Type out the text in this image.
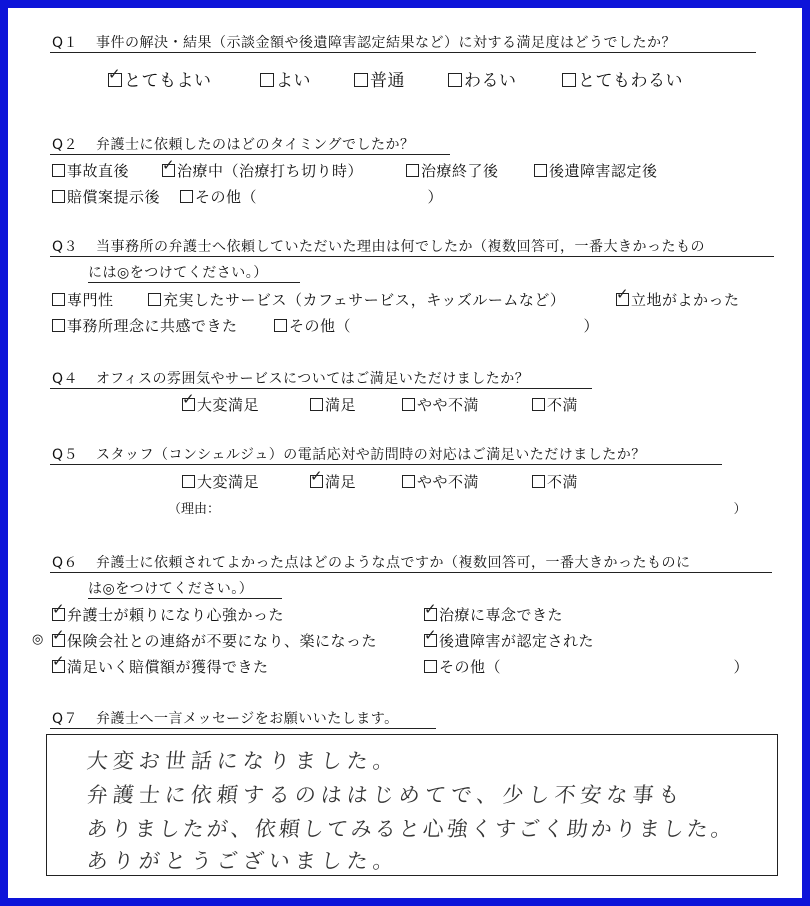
Q１ 事件の解決・結果（示談金額や後遺障害認定結果など）に対する満足度はどうでしたか？
✓ とてもよい	よい	普通	わるい	とてもわるい
Q２ 弁護士に依頼したのはどのタイミングでしたか？
事故直後 ✓ 治療中（治療打ち切り時）	治療終了後	後遺障害認定後
賠償案提示後	その他（　　　　　　　　　　　）
Q３ 当事務所の弁護士へ依頼していただいた理由は何でしたか（複数回答可，一番大きかったもの
には◎をつけてください。）
専門性	充実したサービス（カフェサービス，キッズルームなど）	✓ 立地がよかった
事務所理念に共感できた	その他（　　　　　　　　　　　　　　　）
Q４ オフィスの雰囲気やサービスについてはご満足いただけましたか？
✓ 大変満足	満足	やや不満	不満
Q５ スタッフ（コンシェルジュ）の電話応対や訪問時の対応はご満足いただけましたか？
大変満足	✓ 満足	やや不満	不満
（理由：　　　　　　　　　　　　　　　　　　　　　　　　　　　　　　　　　　　　　　　　）
Q６ 弁護士に依頼されてよかった点はどのような点ですか（複数回答可，一番大きかったものに
は◎をつけてください。）
✓ 弁護士が頼りになり心強かった	✓ 治療に専念できた
◎ ✓ 保険会社との連絡が不要になり、楽になった	✓ 後遺障害が認定された
✓ 満足いく賠償額が獲得できた	その他（　　　　　　　　　　　　　　　）
Q７ 弁護士へ一言メッセージをお願いいたします。
大変お世話になりました。
弁護士に依頼するのははじめてで、少し不安な事も
ありましたが、依頼してみると心強くすごく助かりました。
ありがとうございました。
